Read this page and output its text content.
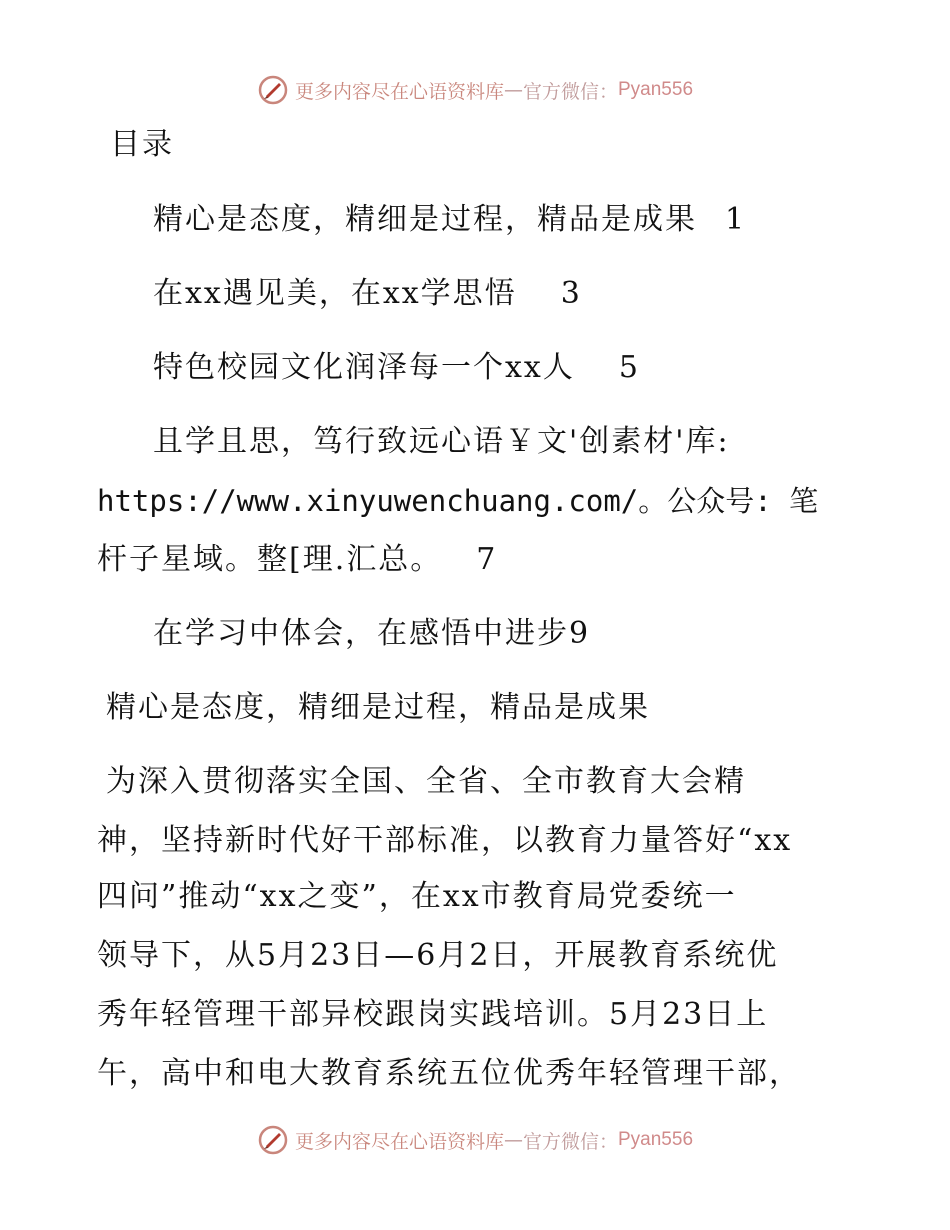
更多内容尽在心语资料库 — 官方微信： Pyan556
目录
精心是态度，精细是过程，精品是成果 1
在xx遇见美，在xx学思悟 3
特色校园文化润泽每一个xx人 5
且学且思，笃行致远心语￥文'创素材'库:
https://www.xinyuwenchuang.com/。公众号: 笔
杆子星域。整[理.汇总。 7
在学习中体会，在感悟中进步9
精心是态度，精细是过程，精品是成果
为深入贯彻落实全国、全省、全市教育大会精
神，坚持新时代好干部标准，以教育力量答好“xx
四问”推动“xx之变”，在xx市教育局党委统一
领导下，从5月23日—6月2日，开展教育系统优
秀年轻管理干部异校跟岗实践培训。5月23日上
午，高中和电大教育系统五位优秀年轻管理干部，
更多内容尽在心语资料库 — 官方微信： Pyan556
